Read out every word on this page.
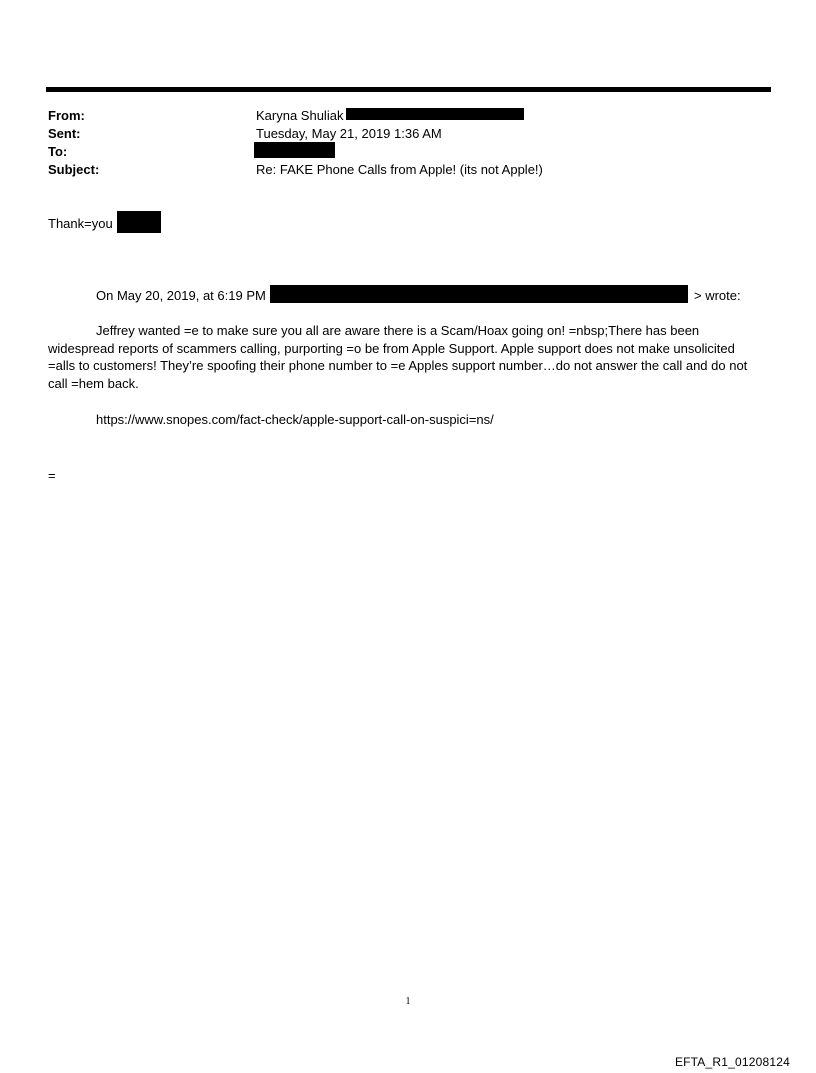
From:	Karyna Shuliak
Sent:	Tuesday, May 21, 2019 1:36 AM
To:
Subject:	Re: FAKE Phone Calls from Apple! (its not Apple!)
Thank=you
On May 20, 2019, at 6:19 PM	> wrote:
Jeffrey wanted =e to make sure you all are aware there is a Scam/Hoax going on! =nbsp;There has been widespread reports of scammers calling, purporting =o be from Apple Support. Apple support does not make unsolicited =alls to customers! They’re spoofing their phone number to =e Apples support number…do not answer the call and do not call =hem back.
https://www.snopes.com/fact-check/apple-support-call-on-suspici=ns/
=
1
EFTA_R1_01208124
